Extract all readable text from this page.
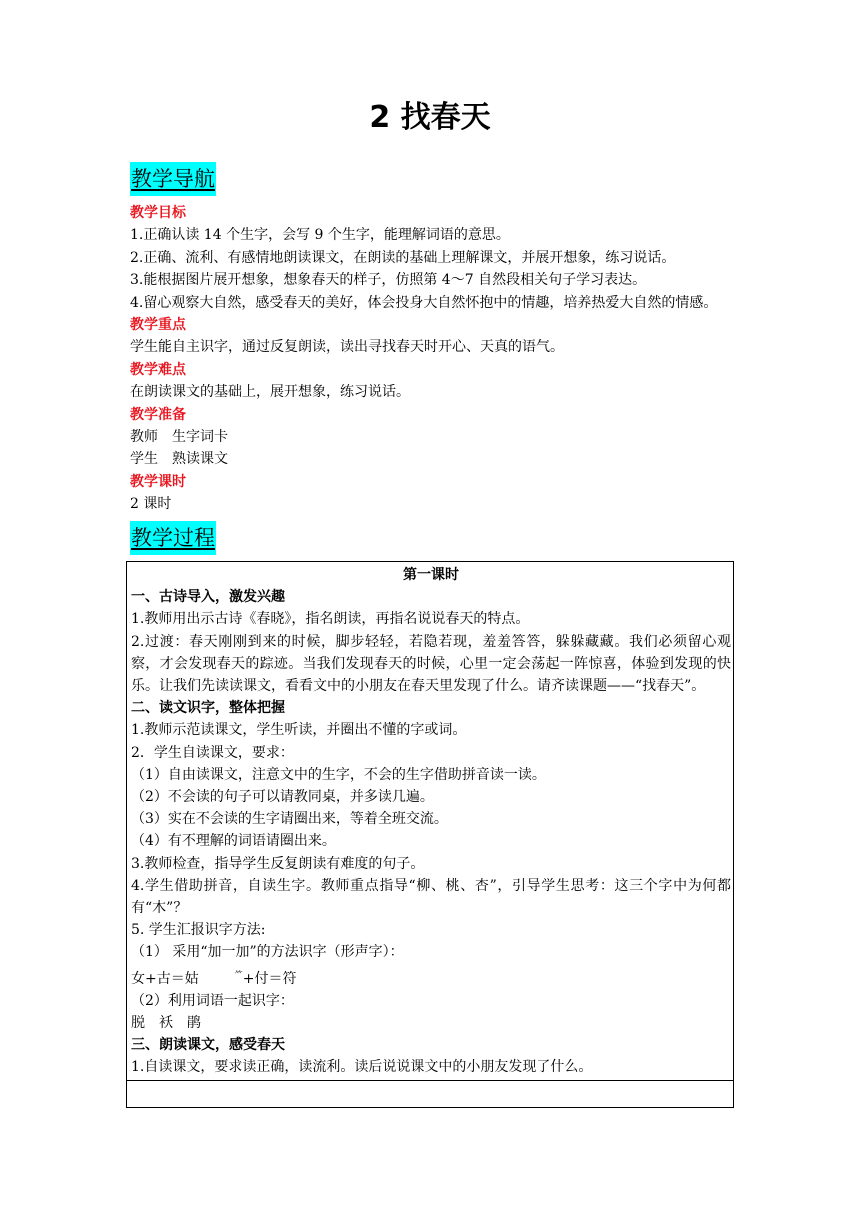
2 找春天
教学导航
教学目标
1.正确认读 14 个生字，会写 9 个生字，能理解词语的意思。
2.正确、流利、有感情地朗读课文，在朗读的基础上理解课文，并展开想象，练习说话。
3.能根据图片展开想象，想象春天的样子，仿照第 4～7 自然段相关句子学习表达。
4.留心观察大自然，感受春天的美好，体会投身大自然怀抱中的情趣，培养热爱大自然的情感。
教学重点
学生能自主识字，通过反复朗读，读出寻找春天时开心、天真的语气。
教学难点
在朗读课文的基础上，展开想象，练习说话。
教学准备
教师　生字词卡
学生　熟读课文
教学课时
2 课时
教学过程
第一课时
一、古诗导入，激发兴趣
1.教师用出示古诗《春晓》，指名朗读，再指名说说春天的特点。
2.过渡：春天刚刚到来的时候，脚步轻轻，若隐若现，羞羞答答，躲躲藏藏。我们必须留心观察，才会发现春天的踪迹。当我们发现春天的时候，心里一定会荡起一阵惊喜，体验到发现的快乐。让我们先读读课文，看看文中的小朋友在春天里发现了什么。请齐读课题——“找春天”。
二、读文识字，整体把握
1.教师示范读课文，学生听读，并圈出不懂的字或词。
2．学生自读课文，要求：
（1）自由读课文，注意文中的生字，不会的生字借助拼音读一读。
（2）不会读的句子可以请教同桌，并多读几遍。
（3）实在不会读的生字请圈出来，等着全班交流。
（4）有不理解的词语请圈出来。
3.教师检查，指导学生反复朗读有难度的句子。
4.学生借助拼音，自读生字。教师重点指导“柳、桃、杏”，引导学生思考：这三个字中为何都有“木”？
5. 学生汇报识字方法:
（1） 采用“加一加”的方法识字（形声字）：
女+古＝姑	⺮+付＝符
（2）利用词语一起识字：
脱　袄　鹃
三、朗读课文，感受春天
1.自读课文，要求读正确，读流利。读后说说课文中的小朋友发现了什么。
